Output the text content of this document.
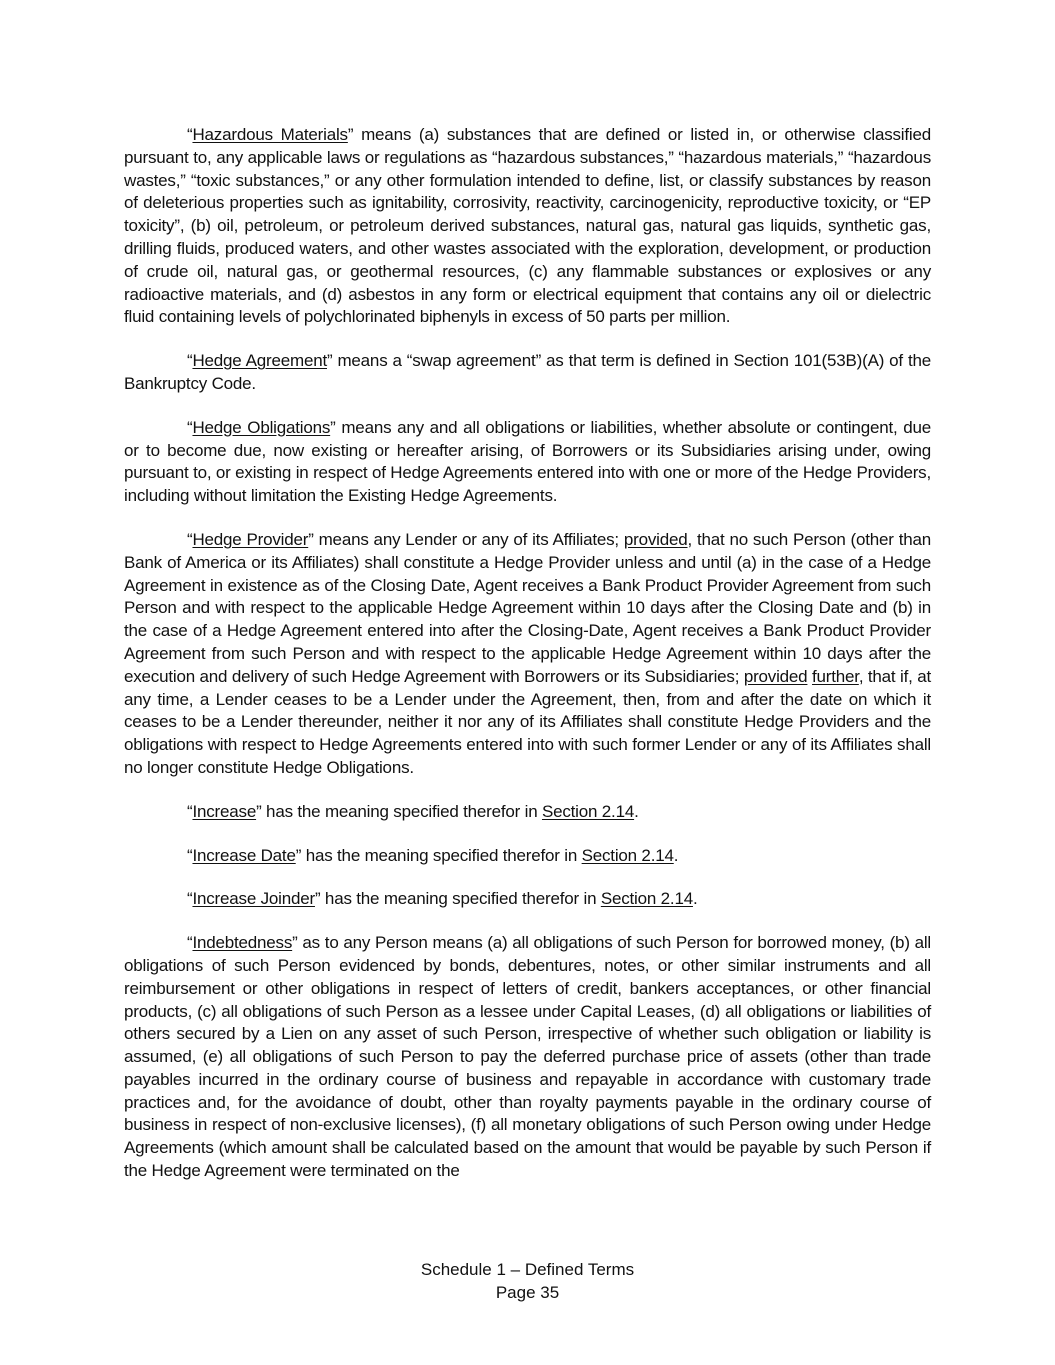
“Hazardous Materials” means (a) substances that are defined or listed in, or otherwise classified pursuant to, any applicable laws or regulations as “hazardous substances,” “hazardous materials,” “hazardous wastes,” “toxic substances,” or any other formulation intended to define, list, or classify substances by reason of deleterious properties such as ignitability, corrosivity, reactivity, carcinogenicity, reproductive toxicity, or “EP toxicity”, (b) oil, petroleum, or petroleum derived substances, natural gas, natural gas liquids, synthetic gas, drilling fluids, produced waters, and other wastes associated with the exploration, development, or production of crude oil, natural gas, or geothermal resources, (c) any flammable substances or explosives or any radioactive materials, and (d) asbestos in any form or electrical equipment that contains any oil or dielectric fluid containing levels of polychlorinated biphenyls in excess of 50 parts per million.

“Hedge Agreement” means a “swap agreement” as that term is defined in Section 101(53B)(A) of the Bankruptcy Code.

“Hedge Obligations” means any and all obligations or liabilities, whether absolute or contingent, due or to become due, now existing or hereafter arising, of Borrowers or its Subsidiaries arising under, owing pursuant to, or existing in respect of Hedge Agreements entered into with one or more of the Hedge Providers, including without limitation the Existing Hedge Agreements.

“Hedge Provider” means any Lender or any of its Affiliates; provided, that no such Person (other than Bank of America or its Affiliates) shall constitute a Hedge Provider unless and until (a) in the case of a Hedge Agreement in existence as of the Closing Date, Agent receives a Bank Product Provider Agreement from such Person and with respect to the applicable Hedge Agreement within 10 days after the Closing Date and (b) in the case of a Hedge Agreement entered into after the Closing-Date, Agent receives a Bank Product Provider Agreement from such Person and with respect to the applicable Hedge Agreement within 10 days after the execution and delivery of such Hedge Agreement with Borrowers or its Subsidiaries; provided further, that if, at any time, a Lender ceases to be a Lender under the Agreement, then, from and after the date on which it ceases to be a Lender thereunder, neither it nor any of its Affiliates shall constitute Hedge Providers and the obligations with respect to Hedge Agreements entered into with such former Lender or any of its Affiliates shall no longer constitute Hedge Obligations.

“Increase” has the meaning specified therefor in Section 2.14.

“Increase Date” has the meaning specified therefor in Section 2.14.

“Increase Joinder” has the meaning specified therefor in Section 2.14.

“Indebtedness” as to any Person means (a) all obligations of such Person for borrowed money, (b) all obligations of such Person evidenced by bonds, debentures, notes, or other similar instruments and all reimbursement or other obligations in respect of letters of credit, bankers acceptances, or other financial products, (c) all obligations of such Person as a lessee under Capital Leases, (d) all obligations or liabilities of others secured by a Lien on any asset of such Person, irrespective of whether such obligation or liability is assumed, (e) all obligations of such Person to pay the deferred purchase price of assets (other than trade payables incurred in the ordinary course of business and repayable in accordance with customary trade practices and, for the avoidance of doubt, other than royalty payments payable in the ordinary course of business in respect of non-exclusive licenses), (f) all monetary obligations of such Person owing under Hedge Agreements (which amount shall be calculated based on the amount that would be payable by such Person if the Hedge Agreement were terminated on the

Schedule 1 – Defined Terms
Page 35
